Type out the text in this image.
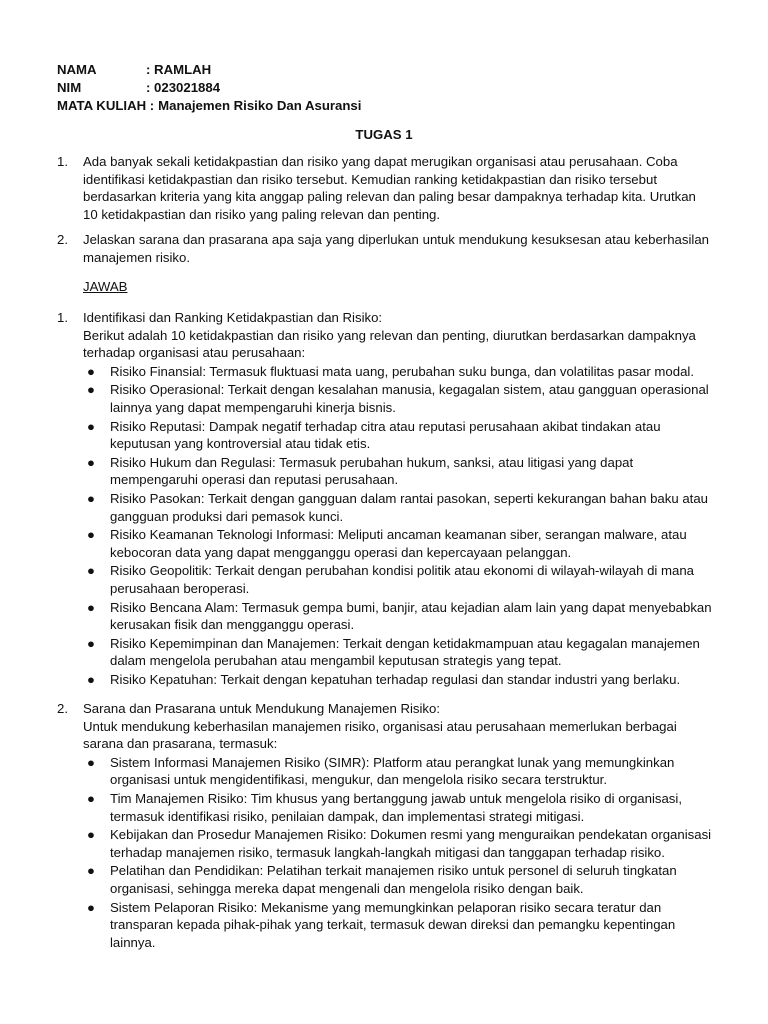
NAMA	: RAMLAH
NIM	: 023021884
MATA KULIAH : Manajemen Risiko Dan Asuransi
TUGAS 1
1. Ada banyak sekali ketidakpastian dan risiko yang dapat merugikan organisasi atau perusahaan. Coba identifikasi ketidakpastian dan risiko tersebut. Kemudian ranking ketidakpastian dan risiko tersebut berdasarkan kriteria yang kita anggap paling relevan dan paling besar dampaknya terhadap kita. Urutkan 10 ketidakpastian dan risiko yang paling relevan dan penting.
2. Jelaskan sarana dan prasarana apa saja yang diperlukan untuk mendukung kesuksesan atau keberhasilan manajemen risiko.
JAWAB
1. Identifikasi dan Ranking Ketidakpastian dan Risiko:
Berikut adalah 10 ketidakpastian dan risiko yang relevan dan penting, diurutkan berdasarkan dampaknya terhadap organisasi atau perusahaan:
● Risiko Finansial: Termasuk fluktuasi mata uang, perubahan suku bunga, dan volatilitas pasar modal.
● Risiko Operasional: Terkait dengan kesalahan manusia, kegagalan sistem, atau gangguan operasional lainnya yang dapat mempengaruhi kinerja bisnis.
● Risiko Reputasi: Dampak negatif terhadap citra atau reputasi perusahaan akibat tindakan atau keputusan yang kontroversial atau tidak etis.
● Risiko Hukum dan Regulasi: Termasuk perubahan hukum, sanksi, atau litigasi yang dapat mempengaruhi operasi dan reputasi perusahaan.
● Risiko Pasokan: Terkait dengan gangguan dalam rantai pasokan, seperti kekurangan bahan baku atau gangguan produksi dari pemasok kunci.
● Risiko Keamanan Teknologi Informasi: Meliputi ancaman keamanan siber, serangan malware, atau kebocoran data yang dapat mengganggu operasi dan kepercayaan pelanggan.
● Risiko Geopolitik: Terkait dengan perubahan kondisi politik atau ekonomi di wilayah-wilayah di mana perusahaan beroperasi.
● Risiko Bencana Alam: Termasuk gempa bumi, banjir, atau kejadian alam lain yang dapat menyebabkan kerusakan fisik dan mengganggu operasi.
● Risiko Kepemimpinan dan Manajemen: Terkait dengan ketidakmampuan atau kegagalan manajemen dalam mengelola perubahan atau mengambil keputusan strategis yang tepat.
● Risiko Kepatuhan: Terkait dengan kepatuhan terhadap regulasi dan standar industri yang berlaku.
2. Sarana dan Prasarana untuk Mendukung Manajemen Risiko:
Untuk mendukung keberhasilan manajemen risiko, organisasi atau perusahaan memerlukan berbagai sarana dan prasarana, termasuk:
● Sistem Informasi Manajemen Risiko (SIMR): Platform atau perangkat lunak yang memungkinkan organisasi untuk mengidentifikasi, mengukur, dan mengelola risiko secara terstruktur.
● Tim Manajemen Risiko: Tim khusus yang bertanggung jawab untuk mengelola risiko di organisasi, termasuk identifikasi risiko, penilaian dampak, dan implementasi strategi mitigasi.
● Kebijakan dan Prosedur Manajemen Risiko: Dokumen resmi yang menguraikan pendekatan organisasi terhadap manajemen risiko, termasuk langkah-langkah mitigasi dan tanggapan terhadap risiko.
● Pelatihan dan Pendidikan: Pelatihan terkait manajemen risiko untuk personel di seluruh tingkatan organisasi, sehingga mereka dapat mengenali dan mengelola risiko dengan baik.
● Sistem Pelaporan Risiko: Mekanisme yang memungkinkan pelaporan risiko secara teratur dan transparan kepada pihak-pihak yang terkait, termasuk dewan direksi dan pemangku kepentingan lainnya.
